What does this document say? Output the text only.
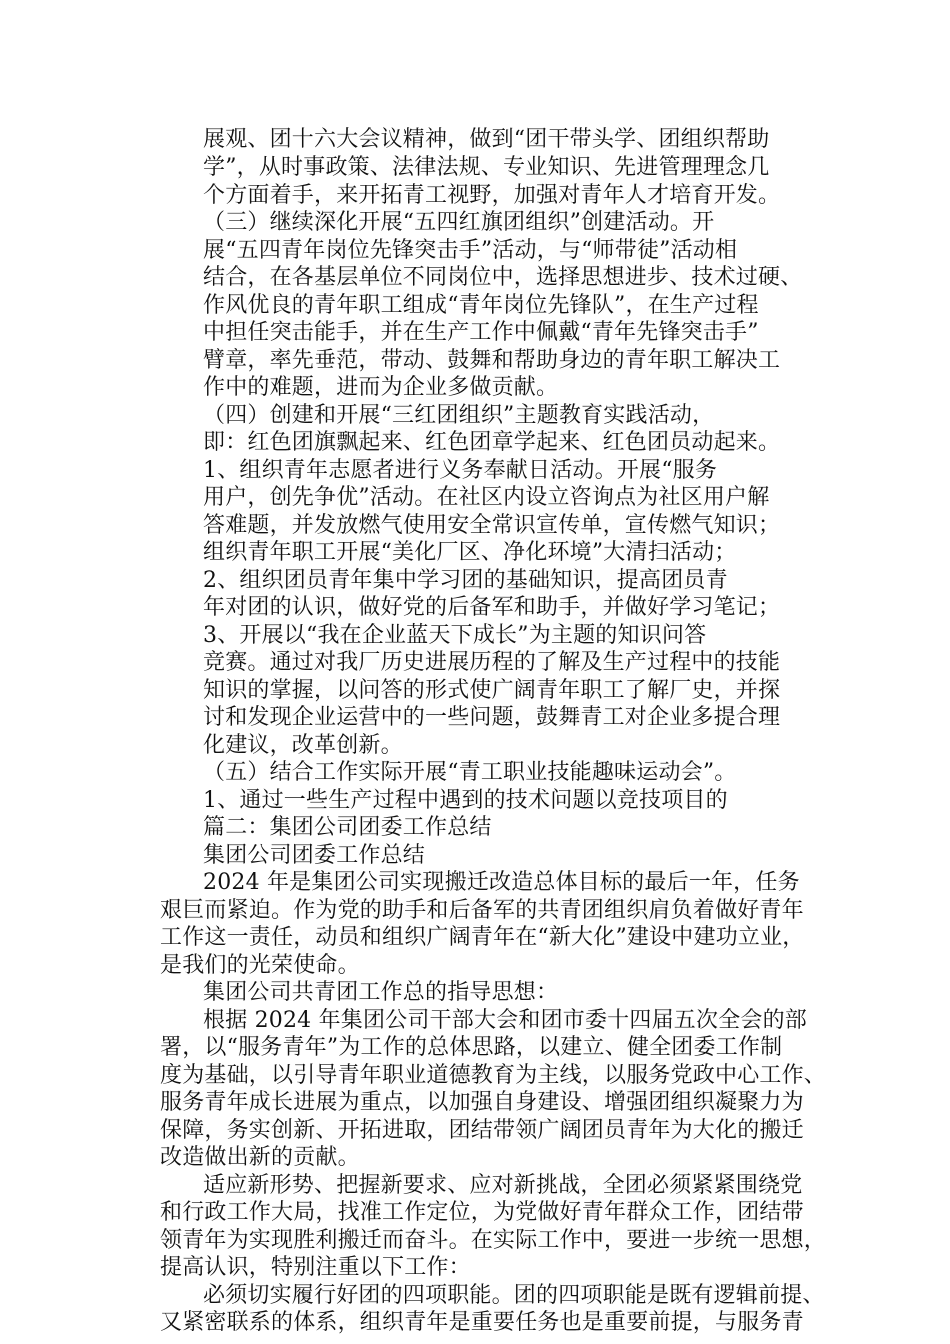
展观、团十六大会议精神，做到“团干带头学、团组织帮助
学”，从时事政策、法律法规、专业知识、先进管理理念几
个方面着手，来开拓青工视野，加强对青年人才培育开发。
（三）继续深化开展“五四红旗团组织”创建活动。开
展“五四青年岗位先锋突击手”活动，与“师带徒”活动相
结合，在各基层单位不同岗位中，选择思想进步、技术过硬、
作风优良的青年职工组成“青年岗位先锋队”，在生产过程
中担任突击能手，并在生产工作中佩戴“青年先锋突击手”
臂章，率先垂范，带动、鼓舞和帮助身边的青年职工解决工
作中的难题，进而为企业多做贡献。
（四）创建和开展“三红团组织”主题教育实践活动，
即：红色团旗飘起来、红色团章学起来、红色团员动起来。
1、组织青年志愿者进行义务奉献日活动。开展“服务
用户，创先争优”活动。在社区内设立咨询点为社区用户解
答难题，并发放燃气使用安全常识宣传单，宣传燃气知识；
组织青年职工开展“美化厂区、净化环境”大清扫活动；
2、组织团员青年集中学习团的基础知识，提高团员青
年对团的认识，做好党的后备军和助手，并做好学习笔记；
3、开展以“我在企业蓝天下成长”为主题的知识问答
竞赛。通过对我厂历史进展历程的了解及生产过程中的技能
知识的掌握，以问答的形式使广阔青年职工了解厂史，并探
讨和发现企业运营中的一些问题，鼓舞青工对企业多提合理
化建议，改革创新。
（五）结合工作实际开展“青工职业技能趣味运动会”。
1、通过一些生产过程中遇到的技术问题以竞技项目的
篇二：集团公司团委工作总结
集团公司团委工作总结
2024 年是集团公司实现搬迁改造总体目标的最后一年，任务
艰巨而紧迫。作为党的助手和后备军的共青团组织肩负着做好青年
工作这一责任，动员和组织广阔青年在“新大化”建设中建功立业，
是我们的光荣使命。
集团公司共青团工作总的指导思想：
根据 2024 年集团公司干部大会和团市委十四届五次全会的部
署，以“服务青年”为工作的总体思路，以建立、健全团委工作制
度为基础，以引导青年职业道德教育为主线，以服务党政中心工作、
服务青年成长进展为重点，以加强自身建设、增强团组织凝聚力为
保障，务实创新、开拓进取，团结带领广阔团员青年为大化的搬迁
改造做出新的贡献。
适应新形势、把握新要求、应对新挑战，全团必须紧紧围绕党
和行政工作大局，找准工作定位，为党做好青年群众工作，团结带
领青年为实现胜利搬迁而奋斗。在实际工作中，要进一步统一思想，
提高认识，特别注重以下工作：
必须切实履行好团的四项职能。团的四项职能是既有逻辑前提、
又紧密联系的体系，组织青年是重要任务也是重要前提，与服务青
